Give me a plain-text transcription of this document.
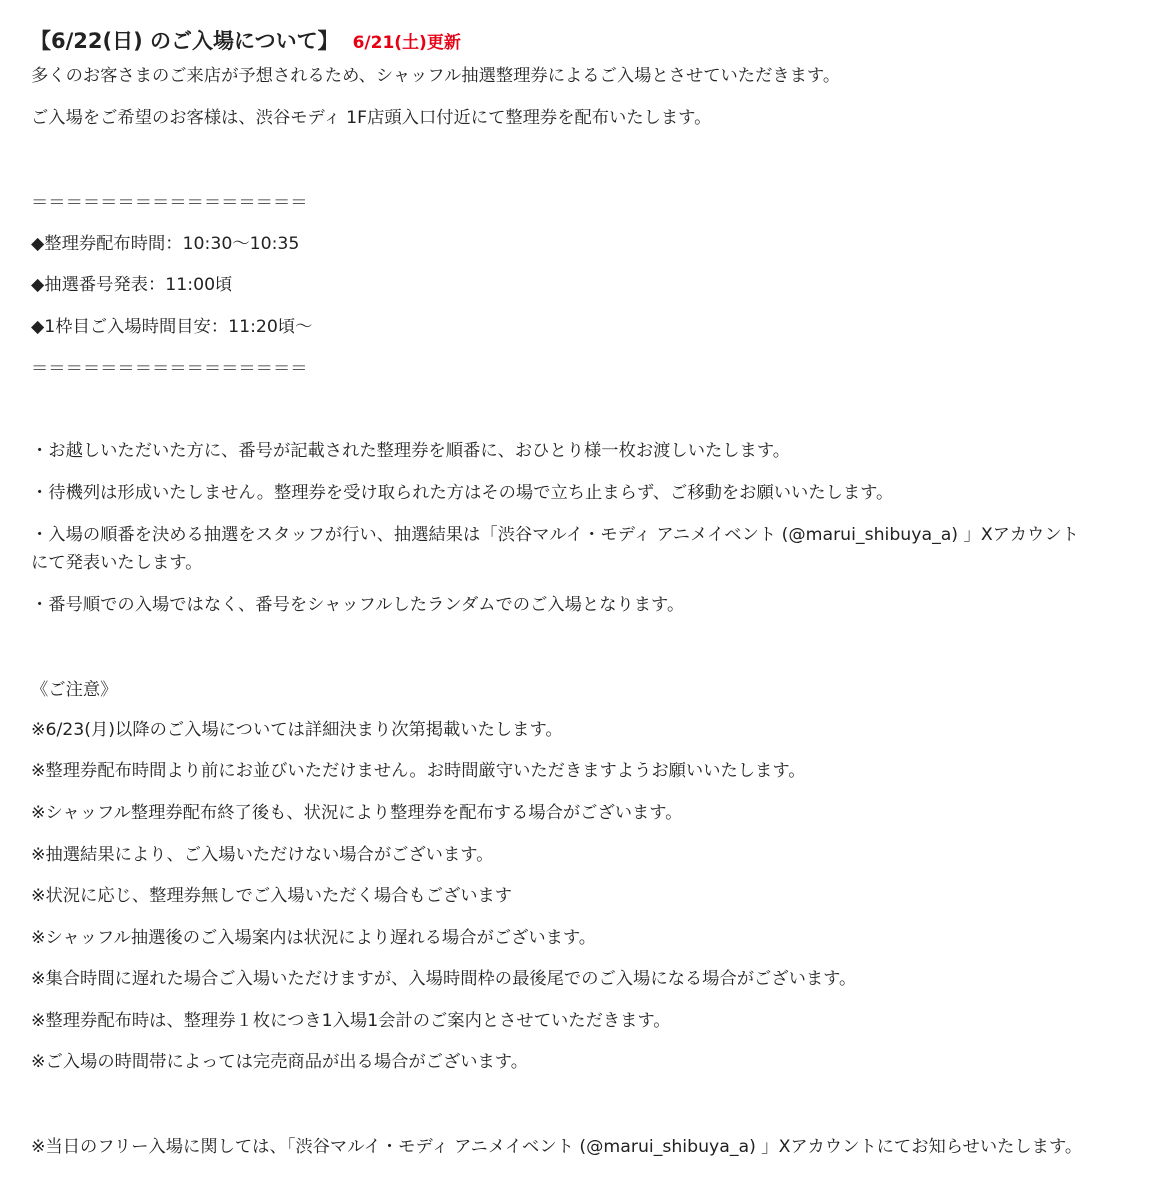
【6/22(日) のご入場について】 6/21(土)更新

多くのお客さまのご来店が予想されるため、シャッフル抽選整理券によるご入場とさせていただきます。

ご入場をご希望のお客様は、渋谷モディ 1F店頭入口付近にて整理券を配布いたします。

＝＝＝＝＝＝＝＝＝＝＝＝＝＝＝＝

◆整理券配布時間：10:30～10:35

◆抽選番号発表：11:00頃

◆1枠目ご入場時間目安：11:20頃～

＝＝＝＝＝＝＝＝＝＝＝＝＝＝＝＝

・お越しいただいた方に、番号が記載された整理券を順番に、おひとり様一枚お渡しいたします。

・待機列は形成いたしません。整理券を受け取られた方はその場で立ち止まらず、ご移動をお願いいたします。

・入場の順番を決める抽選をスタッフが行い、抽選結果は「渋谷マルイ・モディ アニメイベント (@marui_shibuya_a) 」Xアカウントにて発表いたします。

・番号順での入場ではなく、番号をシャッフルしたランダムでのご入場となります。

《ご注意》

※6/23(月)以降のご入場については詳細決まり次第掲載いたします。

※整理券配布時間より前にお並びいただけません。お時間厳守いただきますようお願いいたします。

※シャッフル整理券配布終了後も、状況により整理券を配布する場合がございます。

※抽選結果により、ご入場いただけない場合がございます。

※状況に応じ、整理券無しでご入場いただく場合もございます

※シャッフル抽選後のご入場案内は状況により遅れる場合がございます。

※集合時間に遅れた場合ご入場いただけますが、入場時間枠の最後尾でのご入場になる場合がございます。

※整理券配布時は、整理券１枚につき1入場1会計のご案内とさせていただきます。

※ご入場の時間帯によっては完売商品が出る場合がございます。

※当日のフリー入場に関しては、「渋谷マルイ・モディ アニメイベント (@marui_shibuya_a) 」Xアカウントにてお知らせいたします。
